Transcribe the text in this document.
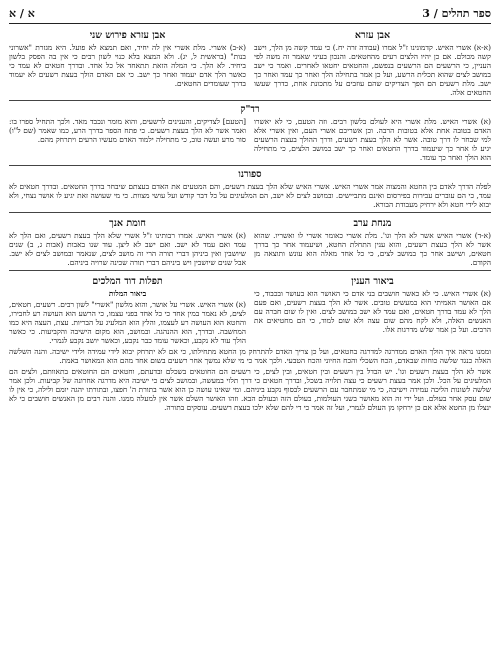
ספר תהלים / 3
א / א
אבן עזרא

(א-א) אשרי האיש. קדמונינו ז"ל אמרו (עבודה זרה יח.) כי עמד קשה מן הלך, וישב קשה מכולם. אם כן יהיו הלצים רעים מהחטאים. והנכון בעיני שאמר זה משה לפי העניין, כי הרשעים הם הרשעים בנפשם, והחטאים יחטאו לאחרים. ואמר כי ישב במושב לצים שהוא תכלית הרשע, ועל כן אמר בתחילה הלך ואחר כך עמד ואחר כך ישב. מלת רשעים הם הפך הצדיקים שהם עוזבים על מתכונת אחת, כדרך שעשו החטאים אלה.

אבן עזרא פירוש שני

(א-ב) אשרי. מלת אשרי אין לה יחיד, ואם תמצא לא פועל. היא מגזרת "אשרוני בנות" (בראשית ל, יג). ולא המצא בלא כנוי לשון רבים כי אין בה הפסק בלשון ביחיד. לא הלך. כי המלה הזאת תתאחד אל כל אחד. ובדרך חטאים לא עמד כי כאשר הלך אדם יעמוד ואחר כך ישב. כי אם האדם הולך בעצת רשעים לא יעמוד בדרך שעומדים החטאים.

רד"ק

(א) אשרי האיש. מלת אשרי היא לעולם בלשון רבים. וזה הטעם, כי לא יאשרו האדם בטובה אחת אלא בטובות הרבה. וכן אשריכם אשרי העם, ואין אשרי אלא למי שבחר לו דרך טובה. אשר לא הלך בעצת רשעים, ודרך ההולך בעצת הרשעים יגיע לו אחר כך שיעמוד בדרך החטאים ואחר כך ישב במושב הלצים, כי מתחילה הוא הולך ואחר כך עומד.

[הטעם] לצדיקים, והענינים לרשעים, והוא מומר ונכבד מאד. ולכך התחיל ספרו בו: ואמר אשר לא הלך בעצת רשעים. כי פתח הספר בדרך הרע, כמו שאמר (שם ל"ו) סור מרע ועשה טוב, כי מתחילה ילמוד האדם מעשיו הרעים ויתרחק מהם.

ספורנו

לפלה הדרך לאדם בין החטא והמצוה אמר אשרי האיש. אשרי האיש שלא הלך בעצת רשעים, והם המטעים את האדם בעצתם שיבחר בדרך החטאים. ובדרך חטאים לא עמד, כי הם עוברים עבירות בפירסום ואינם מתביישים. ובמושב לצים לא ישב, הם המלעיגים על כל דבר קודש ועל עושי מצוות. כי מי שעושה זאת יגיע לו אושר נצחי, ולא יבוא לידי חטא ולא ירחיק מעבודת הבורא.

מנחת ערב

(א-ד) אשרי האיש אשר לא הלך וגו'. מלת אשרי כאומר אשרי לו ואשריו. שהוא אשר לא הלך בעצת רשעים, והוא ענין התחלת החטא, ושיעמוד אחר כך בדרך חטאים, ושישב אחר כך במושב לצים, כי כל אחד מאלה הוא עונש ותוצאה מן הקודם.

חומת אנך

(א) אשרי האיש. אמרו רבותינו ז"ל אשרי שלא הלך בעצת רשעים, ואם הלך לא עמד ואם עמד לא ישב. ואם ישב לא ליצן. עוד שנו באבות (אבות ג, ב) שנים שיושבין ואין ביניהן דברי תורה הרי זה מושב לצים, שנאמר ובמושב לצים לא ישב. אבל שנים שיושבין ויש ביניהם דברי תורה שכינה שרויה ביניהם.

ביאור הענין

(א) אשרי האיש. כי לא כאשר חושבים בני אדם כי האושר הוא בעושר ובכבוד, כי אם האושר האמיתי הוא במעשים טובים. אשר לא הלך בעצת רשעים, ואם פעם הלך לא עמד בדרך חטאים, ואם עמד לא ישב במושב לצים. ואין לו שום חברה עם האנשים האלה, ולא לקח מהם שום עצה ולא שום למוד, כי הם מחטיאים את הרבים. ועל כן אמר שלש מדרגות אלו.

תפלות דוד המלכים
ביאור המלות

(א) אשרי האיש. אשרי על אושר, והוא מלשון "אשרי" לשון רבים. רשעים, חטאים, לצים, לא נאמר במין אחד כי כל אחד בפני עצמו, כי הרשע הוא העושה רע לחבירו, והחטא הוא העושה רע לעצמו, והלץ הוא המלעיג על הבריות. עצת, העצה היא כמו המחשבה. ובדרך, הוא ההנהגה. ובמושב, הוא מקום הישיבה והקביעות. כי כאשר הולך עוד לא נקבע, וכאשר עומד כבר נקבע, וכאשר יושב נקבע לגמרי.

וממנו נראה איך הולך האדם ממדרגה למדרגה בחטאים, ועל כן צריך האדם להתרחק מן החטא מתחילתו, כי אם לא יתרחק יבוא לידי עמידה ולידי ישיבה. והנה השלשה האלה כנגד שלשה כוחות שבאדם, הכח השכלי והכח החיוני והכח הטבעי. ולכך אמר כי מי שלא נמשך אחר רשעים בשום אחד מהם הוא המאושר באמת.

אשר לא הלך בעצת רשעים וגו'. יש הבדל בין רשעים ובין חטאים, ובין לצים, כי רשעים הם החוטאים בשכלם ובדעתם, וחטאים הם החוטאים בתאוותם, ולצים הם המלעיגים על הכל. ולכן אמר בעצת רשעים כי עצה תלויה בשכל, ובדרך חטאים כי דרך תלוי במעשה, ובמושב לצים כי ישיבה היא מדרגה אחרונה של קביעות. ולכן אמר שלשה לשונות הליכה עמידה וישיבה, כי מי שמתחבר עם הרשעים לבסוף נקבע ביניהם. ומי שאינו עושה כן הוא אשר בתורת ה' חפצו, ובתורתו יהגה יומם ולילה, כי אין לו שום עסק אחר בעולם. ועל ידי זה הוא מאושר בשני העולמות, בעולם הזה ובעולם הבא. וזהו האושר השלם אשר אין למעלה ממנו. והנה רבים מן האנשים חושבים כי לא ינצלו מן החטא אלא אם כן ירחקו מן העולם לגמרי, ועל זה אמר כי די להם שלא ילכו בעצת רשעים. עוסקים בתורה.
